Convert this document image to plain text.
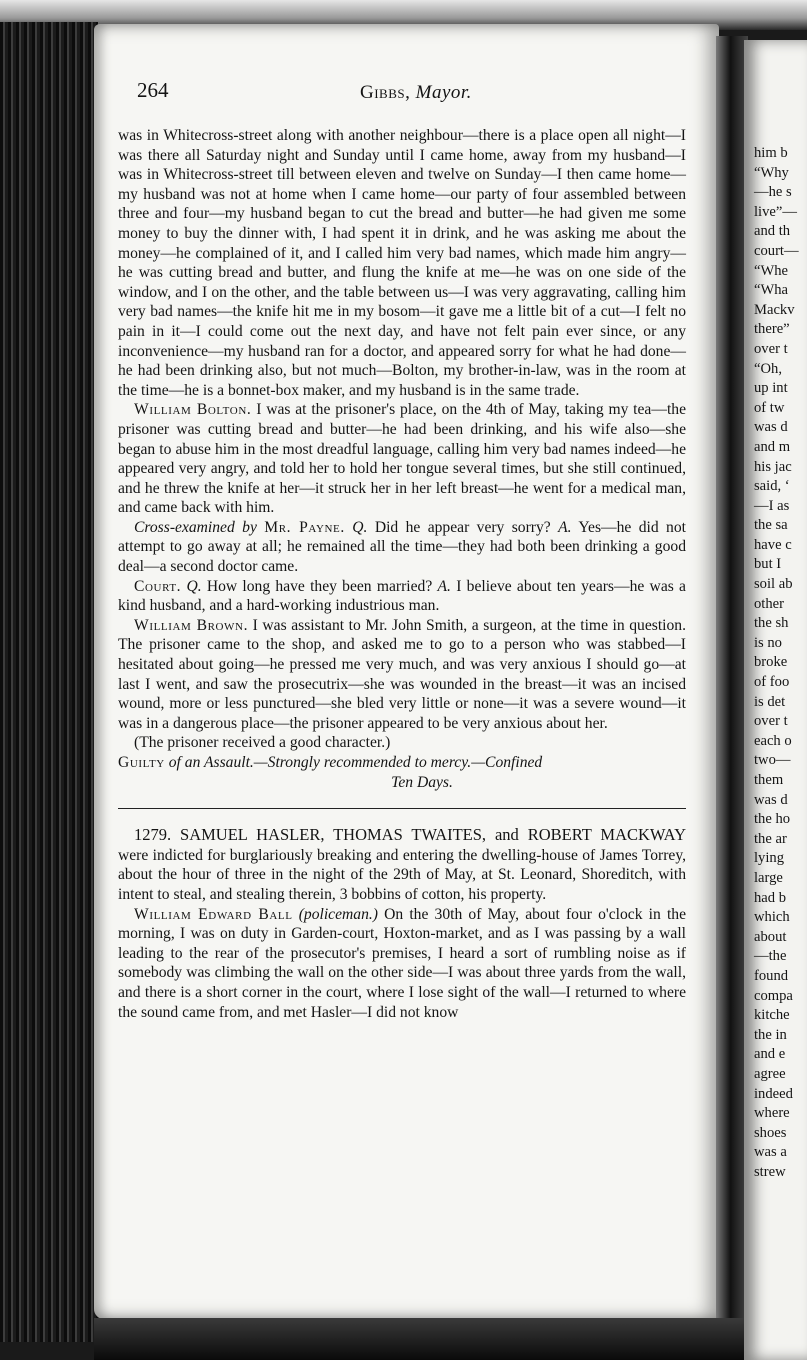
him b
“Why
—he s
live”—
and th
court—
“Whe
“Wha
Mackv
there”
over t
“Oh,
up int
of tw
was d
and m
his jac
said, ‘
—I as
the sa
have c
but I
soil ab
other
the sh
is no
broke
of foo
is det
over t
each o
two—
them
was d
the ho
the ar
lying
large
had b
which
about
—the
found
compa
kitche
the in
and e
agree
indeed
where
shoes
was a
strew
264	Gibbs, Mayor.

was in Whitecross-street along with another neighbour—there is a place open all night—I was there all Saturday night and Sunday until I came home, away from my husband—I was in Whitecross-street till between eleven and twelve on Sunday—I then came home—my husband was not at home when I came home—our party of four assembled between three and four—my husband began to cut the bread and butter—he had given me some money to buy the dinner with, I had spent it in drink, and he was asking me about the money—he complained of it, and I called him very bad names, which made him angry—he was cutting bread and butter, and flung the knife at me—he was on one side of the window, and I on the other, and the table between us—I was very aggravating, calling him very bad names—the knife hit me in my bosom—it gave me a little bit of a cut—I felt no pain in it—I could come out the next day, and have not felt pain ever since, or any inconvenience—my husband ran for a doctor, and appeared sorry for what he had done—he had been drinking also, but not much—Bolton, my brother-in-law, was in the room at the time—he is a bonnet-box maker, and my husband is in the same trade.

William Bolton. I was at the prisoner's place, on the 4th of May, taking my tea—the prisoner was cutting bread and butter—he had been drinking, and his wife also—she began to abuse him in the most dreadful language, calling him very bad names indeed—he appeared very angry, and told her to hold her tongue several times, but she still continued, and he threw the knife at her—it struck her in her left breast—he went for a medical man, and came back with him.

Cross-examined by Mr. Payne. Q. Did he appear very sorry? A. Yes—he did not attempt to go away at all; he remained all the time—they had both been drinking a good deal—a second doctor came.

Court. Q. How long have they been married? A. I believe about ten years—he was a kind husband, and a hard-working industrious man.

William Brown. I was assistant to Mr. John Smith, a surgeon, at the time in question. The prisoner came to the shop, and asked me to go to a person who was stabbed—I hesitated about going—he pressed me very much, and was very anxious I should go—at last I went, and saw the prosecutrix—she was wounded in the breast—it was an incised wound, more or less punctured—she bled very little or none—it was a severe wound—it was in a dangerous place—the prisoner appeared to be very anxious about her.

(The prisoner received a good character.)

Guilty of an Assault.—Strongly recommended to mercy.—Confined
Ten Days.

1279. SAMUEL HASLER, THOMAS TWAITES, and ROBERT MACKWAY were indicted for burglariously breaking and entering the dwelling-house of James Torrey, about the hour of three in the night of the 29th of May, at St. Leonard, Shoreditch, with intent to steal, and stealing therein, 3 bobbins of cotton, his property.

William Edward Ball (policeman.) On the 30th of May, about four o'clock in the morning, I was on duty in Garden-court, Hoxton-market, and as I was passing by a wall leading to the rear of the prosecutor's premises, I heard a sort of rumbling noise as if somebody was climbing the wall on the other side—I was about three yards from the wall, and there is a short corner in the court, where I lose sight of the wall—I returned to where the sound came from, and met Hasler—I did not know
